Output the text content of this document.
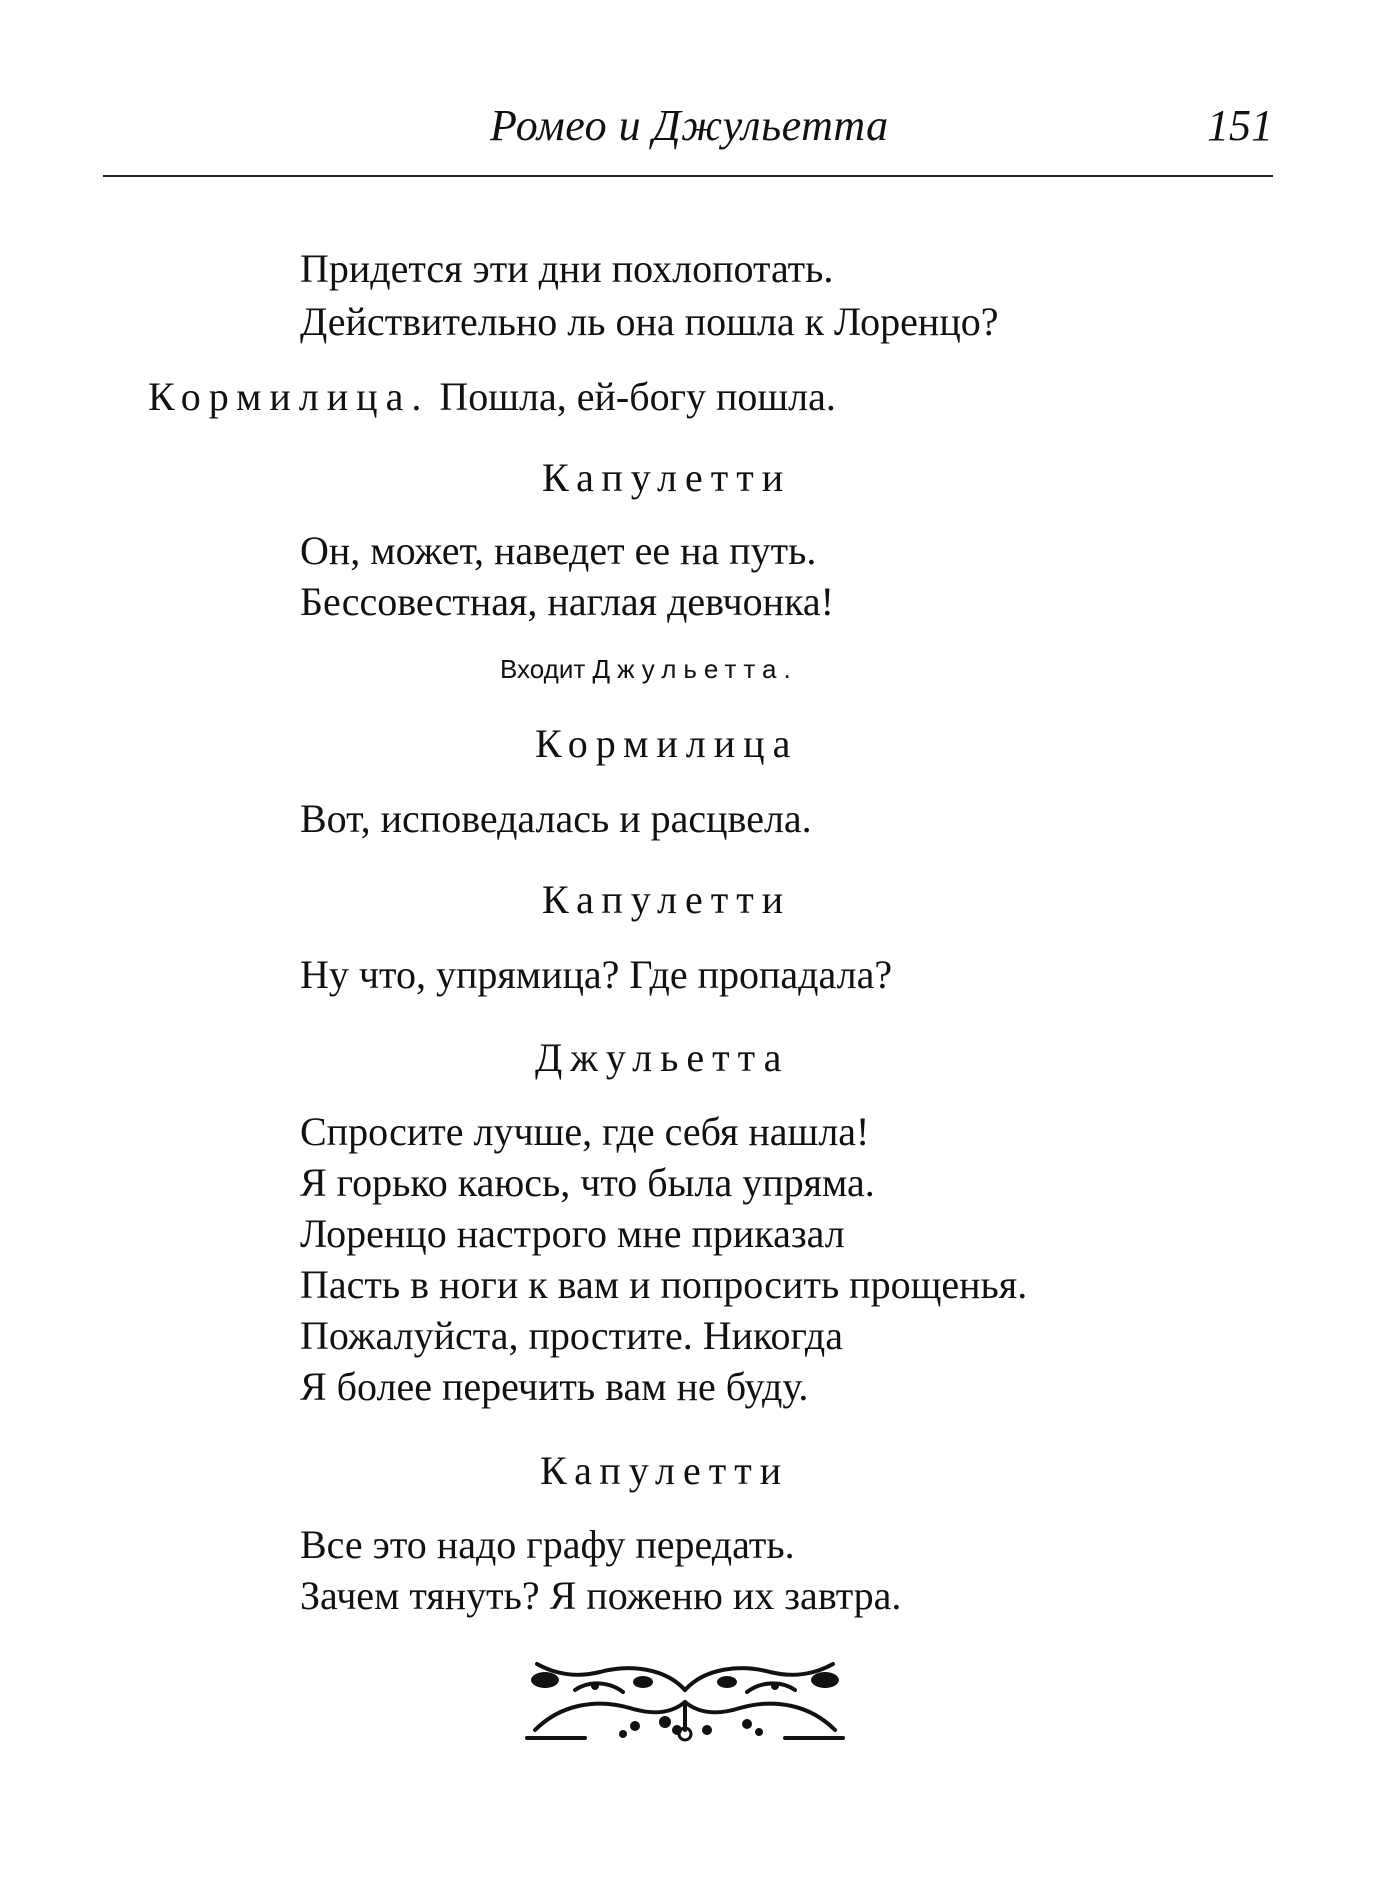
Ромео и Джульетта	151
Придется эти дни похлопотать.
Действительно ль она пошла к Лоренцо?
Кормилица. Пошла, ей-богу пошла.
Капулетти
Он, может, наведет ее на путь.
Бессовестная, наглая девчонка!
Входит Джульетта.
Кормилица
Вот, исповедалась и расцвела.
Капулетти
Ну что, упрямица? Где пропадала?
Джульетта
Спросите лучше, где себя нашла!
Я горько каюсь, что была упряма.
Лоренцо настрого мне приказал
Пасть в ноги к вам и попросить прощенья.
Пожалуйста, простите. Никогда
Я более перечить вам не буду.
Капулетти
Все это надо графу передать.
Зачем тянуть? Я поженю их завтра.
